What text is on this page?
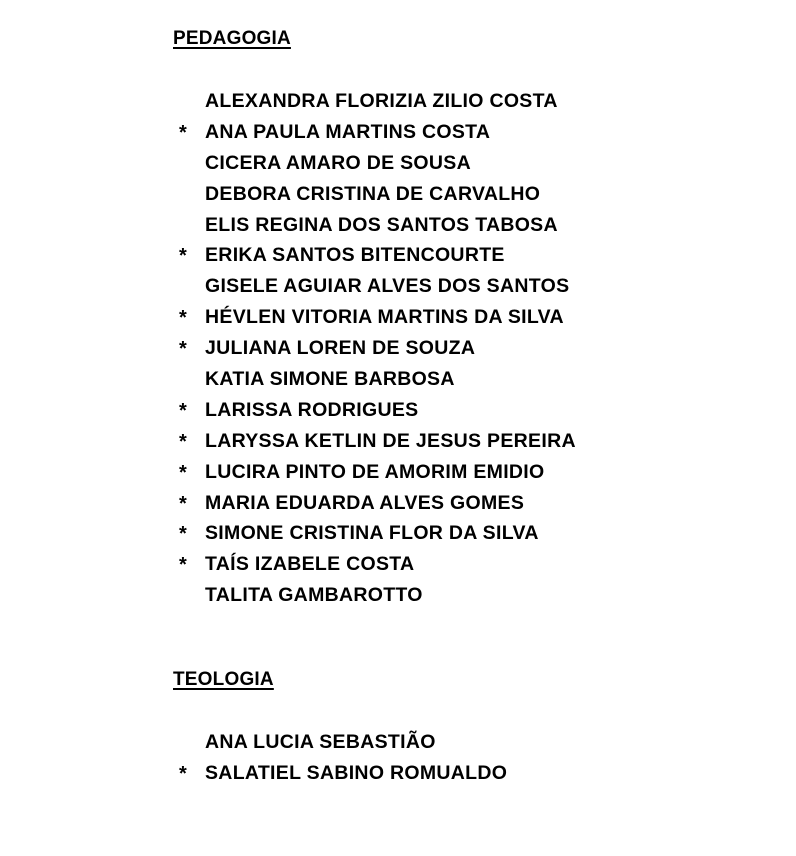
PEDAGOGIA
ALEXANDRA FLORIZIA ZILIO COSTA
* ANA PAULA MARTINS COSTA
CICERA AMARO DE SOUSA
DEBORA CRISTINA DE CARVALHO
ELIS REGINA DOS SANTOS TABOSA
* ERIKA SANTOS BITENCOURTE
GISELE AGUIAR ALVES DOS SANTOS
* HÉVLEN VITORIA MARTINS DA SILVA
* JULIANA LOREN DE SOUZA
KATIA SIMONE BARBOSA
* LARISSA RODRIGUES
* LARYSSA KETLIN DE JESUS PEREIRA
* LUCIRA PINTO DE AMORIM EMIDIO
* MARIA EDUARDA ALVES GOMES
* SIMONE CRISTINA FLOR DA SILVA
* TAÍS IZABELE COSTA
TALITA GAMBAROTTO
TEOLOGIA
ANA LUCIA SEBASTIÃO
* SALATIEL SABINO ROMUALDO
